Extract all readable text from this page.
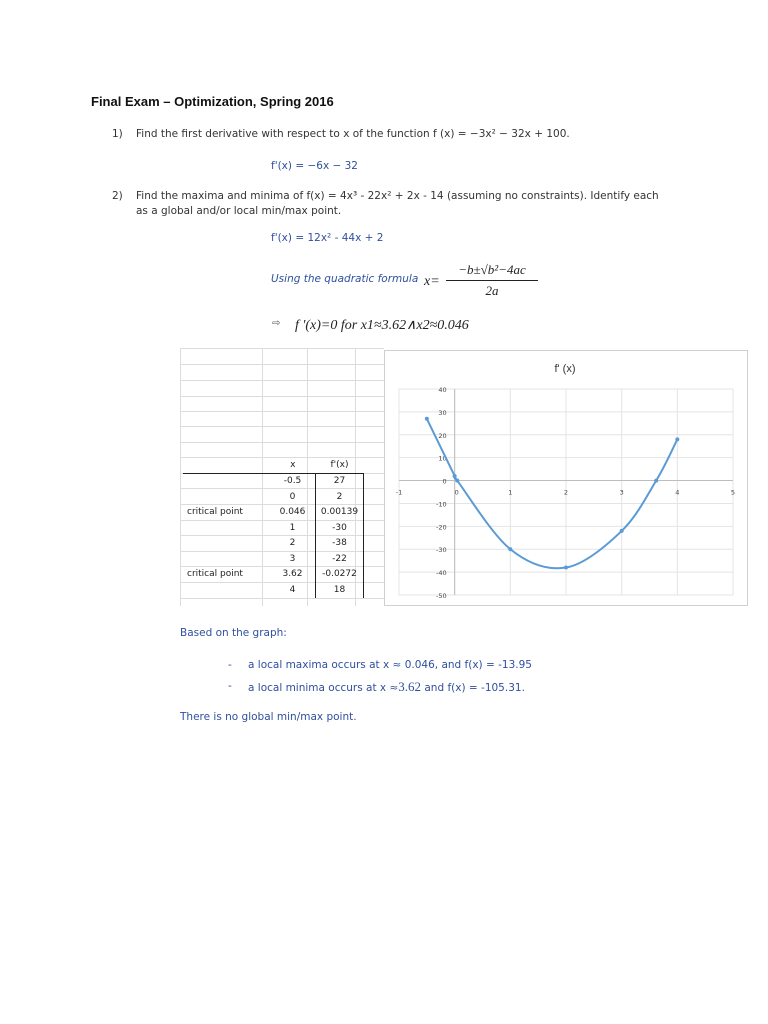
Final Exam – Optimization, Spring 2016
1) Find the first derivative with respect to x of the function f (x) = −3x² − 32x + 100.
f'(x) = −6x − 32
2) Find the maxima and minima of f(x) = 4x³ - 22x² + 2x - 14 (assuming no constraints). Identify each
as a global and/or local min/max point.
f'(x) = 12x² - 44x + 2
Using the quadratic formula x=
−b±√b²−4ac
2a
⇨ f '(x)=0 for x1≈3.62∧x2≈0.046
	x	f'(x)
	-0.5	27
	0	2
critical point	0.046	0.00139
	1	-30
	2	-38
	3	-22
critical point	3.62	-0.0272
	4	18
f' (x)
40
30
20
10
0
-10
-20
-30
-40
-50
-1	0	1	2	3	4	5
Based on the graph:
- a local maxima occurs at x ≈ 0.046, and f(x) = -13.95
- a local minima occurs at x ≈3.62 and f(x) = -105.31.
There is no global min/max point.
